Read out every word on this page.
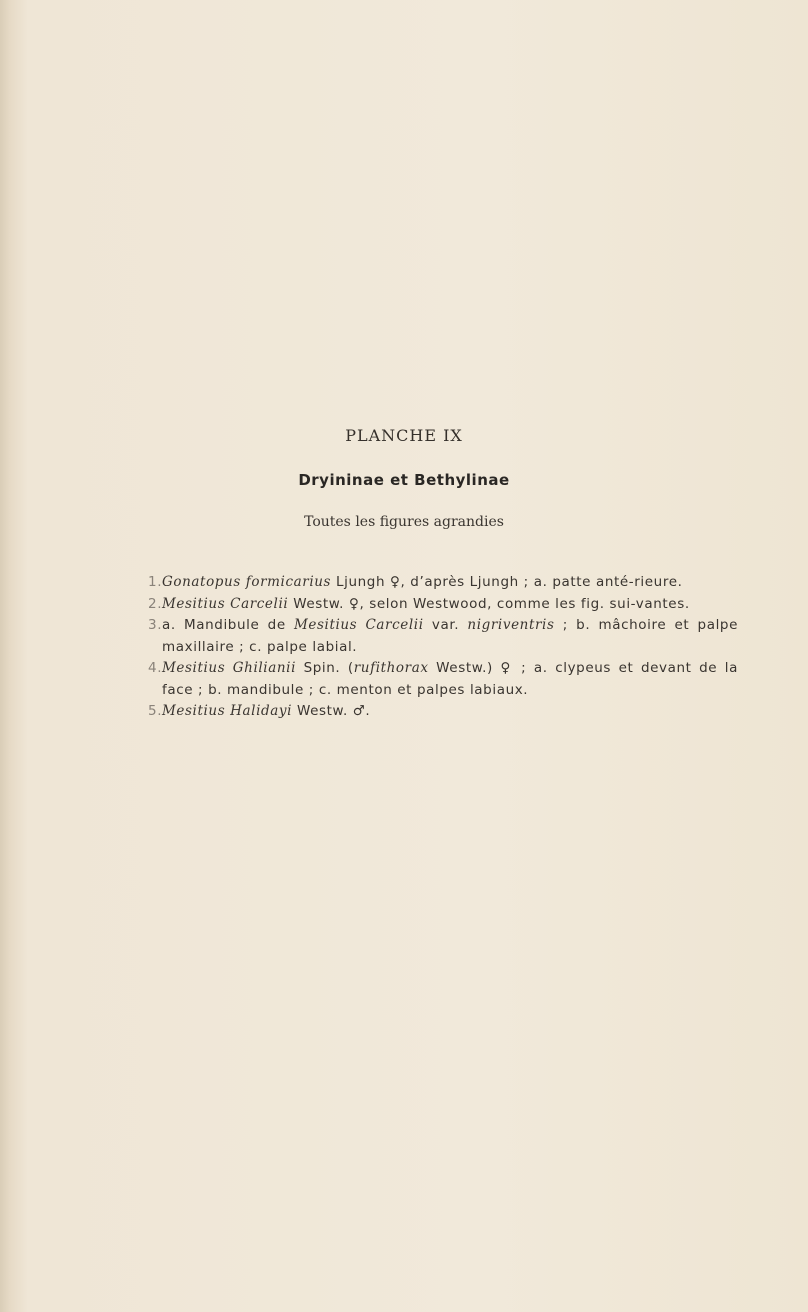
PLANCHE IX
Dryininae et Bethylinae
Toutes les figures agrandies
1. Gonatopus formicarius Ljungh ♀, d’après Ljungh ; a. patte anté-rieure.
2. Mesitius Carcelii Westw. ♀, selon Westwood, comme les fig. sui-vantes.
3. a. Mandibule de Mesitius Carcelii var. nigriventris ; b. mâchoire et palpe maxillaire ; c. palpe labial.
4. Mesitius Ghilianii Spin. (rufithorax Westw.) ♀ ; a. clypeus et devant de la face ; b. mandibule ; c. menton et palpes labiaux.
5. Mesitius Halidayi Westw. ♂.
